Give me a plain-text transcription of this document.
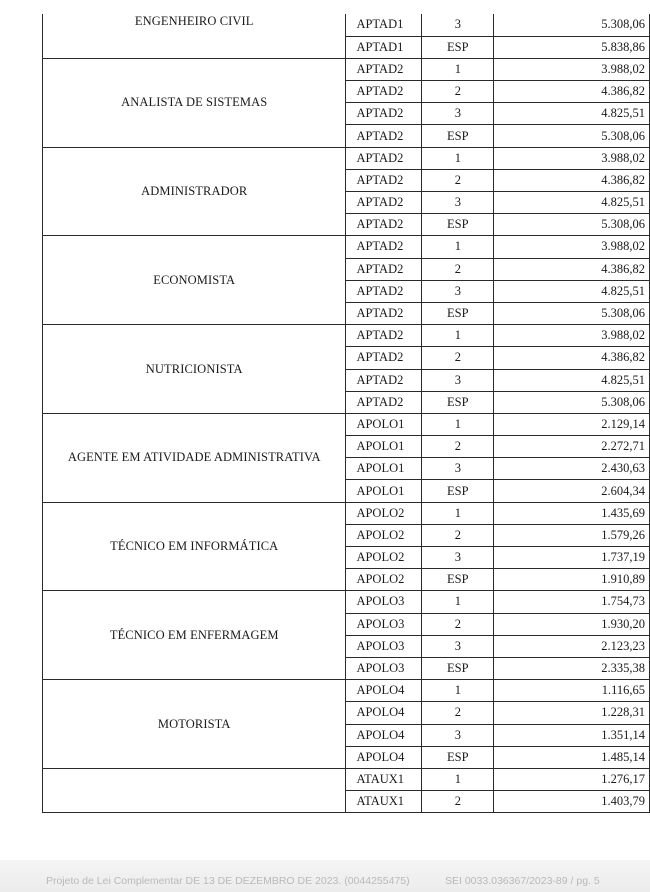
ENGENHEIRO CIVIL	APTAD1	3	5.308,06
	APTAD1	ESP	5.838,86
ANALISTA DE SISTEMAS	APTAD2	1	3.988,02
	APTAD2	2	4.386,82
	APTAD2	3	4.825,51
	APTAD2	ESP	5.308,06
ADMINISTRADOR	APTAD2	1	3.988,02
	APTAD2	2	4.386,82
	APTAD2	3	4.825,51
	APTAD2	ESP	5.308,06
ECONOMISTA	APTAD2	1	3.988,02
	APTAD2	2	4.386,82
	APTAD2	3	4.825,51
	APTAD2	ESP	5.308,06
NUTRICIONISTA	APTAD2	1	3.988,02
	APTAD2	2	4.386,82
	APTAD2	3	4.825,51
	APTAD2	ESP	5.308,06
AGENTE EM ATIVIDADE ADMINISTRATIVA	APOLO1	1	2.129,14
	APOLO1	2	2.272,71
	APOLO1	3	2.430,63
	APOLO1	ESP	2.604,34
TÉCNICO EM INFORMÁTICA	APOLO2	1	1.435,69
	APOLO2	2	1.579,26
	APOLO2	3	1.737,19
	APOLO2	ESP	1.910,89
TÉCNICO EM ENFERMAGEM	APOLO3	1	1.754,73
	APOLO3	2	1.930,20
	APOLO3	3	2.123,23
	APOLO3	ESP	2.335,38
MOTORISTA	APOLO4	1	1.116,65
	APOLO4	2	1.228,31
	APOLO4	3	1.351,14
	APOLO4	ESP	1.485,14
	ATAUX1	1	1.276,17
	ATAUX1	2	1.403,79
Projeto de Lei Complementar DE 13 DE DEZEMBRO DE 2023. (0044255475)	SEI 0033.036367/2023-89 / pg. 5
